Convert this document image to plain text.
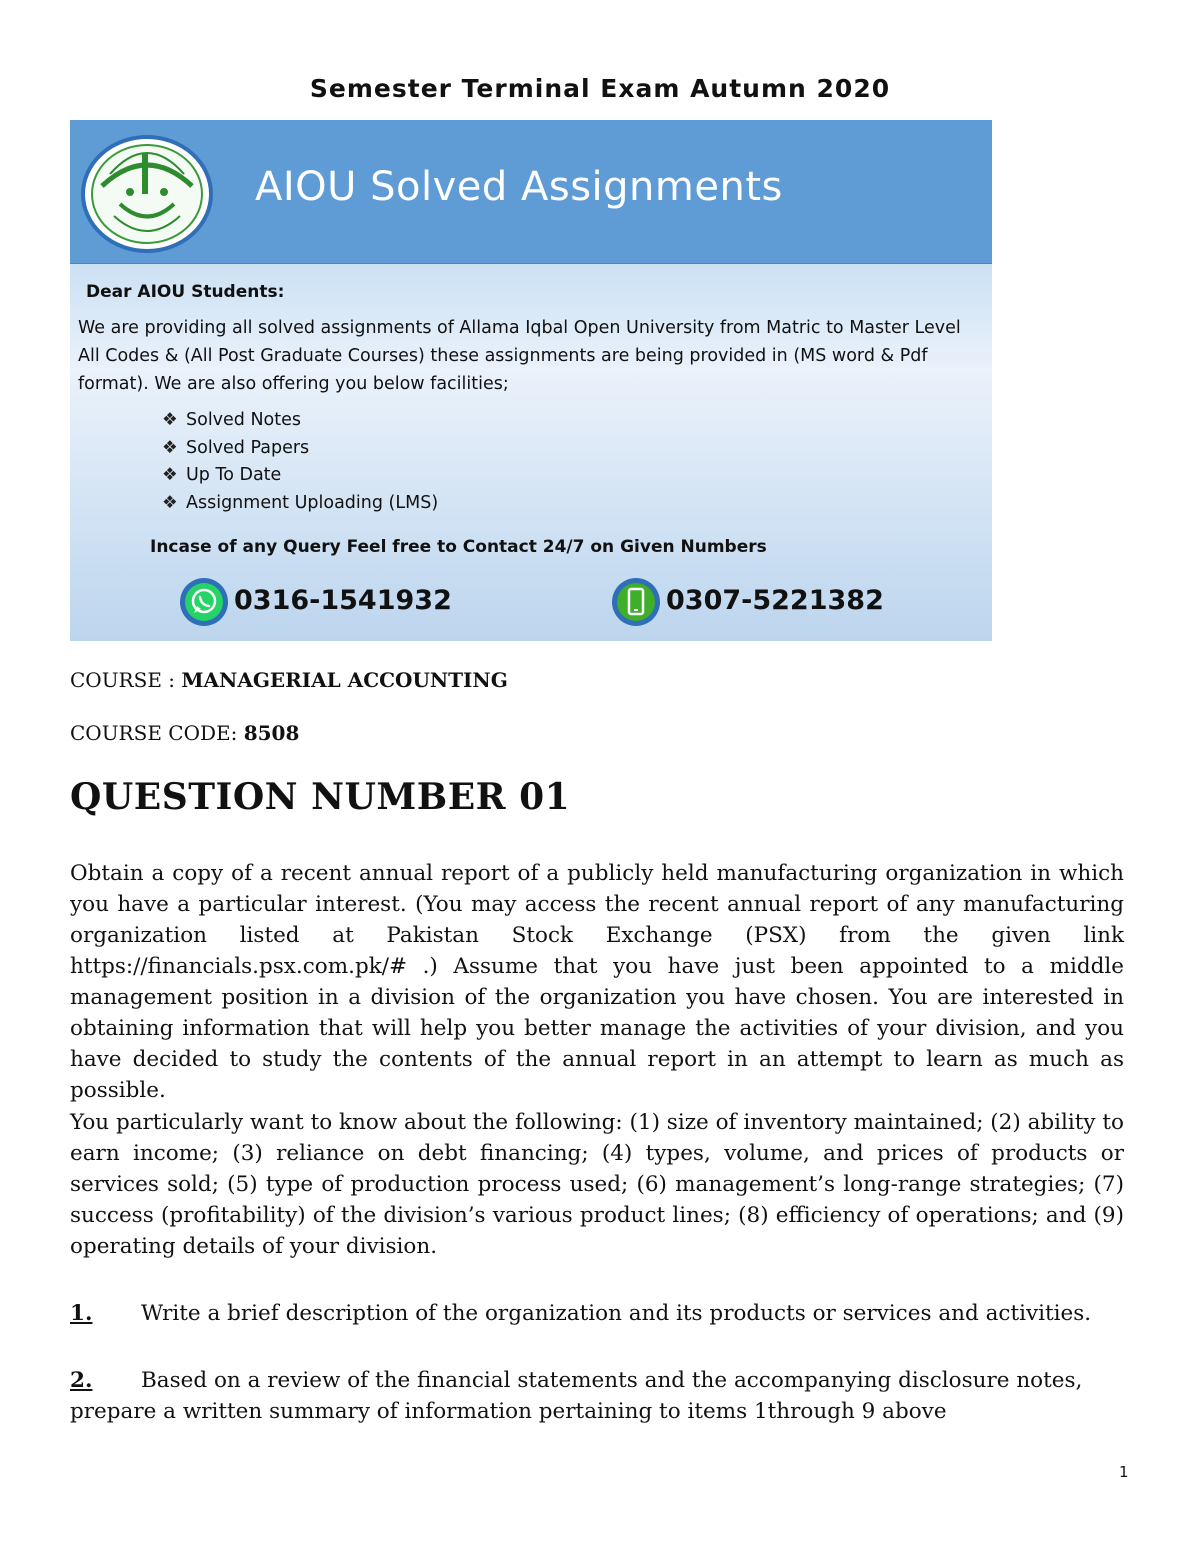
Semester Terminal Exam Autumn 2020
AIOU Solved Assignments
Dear AIOU Students:
We are providing all solved assignments of Allama Iqbal Open University from Matric to Master Level All Codes & (All Post Graduate Courses) these assignments are being provided in (MS word & Pdf format). We are also offering you below facilities;
❖ Solved Notes
❖ Solved Papers
❖ Up To Date
❖ Assignment Uploading (LMS)
Incase of any Query Feel free to Contact 24/7 on Given Numbers
0316-1541932	0307-5221382
COURSE : MANAGERIAL ACCOUNTING
COURSE CODE: 8508
QUESTION NUMBER 01
Obtain a copy of a recent annual report of a publicly held manufacturing organization in which you have a particular interest. (You may access the recent annual report of any manufacturing organization listed at Pakistan Stock Exchange (PSX) from the given link https://financials.psx.com.pk/# .) Assume that you have just been appointed to a middle management position in a division of the organization you have chosen. You are interested in obtaining information that will help you better manage the activities of your division, and you have decided to study the contents of the annual report in an attempt to learn as much as possible.
You particularly want to know about the following: (1) size of inventory maintained; (2) ability to earn income; (3) reliance on debt financing; (4) types, volume, and prices of products or services sold; (5) type of production process used; (6) management’s long-range strategies; (7) success (profitability) of the division’s various product lines; (8) efficiency of operations; and (9) operating details of your division.
1. Write a brief description of the organization and its products or services and activities.
2. Based on a review of the financial statements and the accompanying disclosure notes, prepare a written summary of information pertaining to items 1through 9 above
1
